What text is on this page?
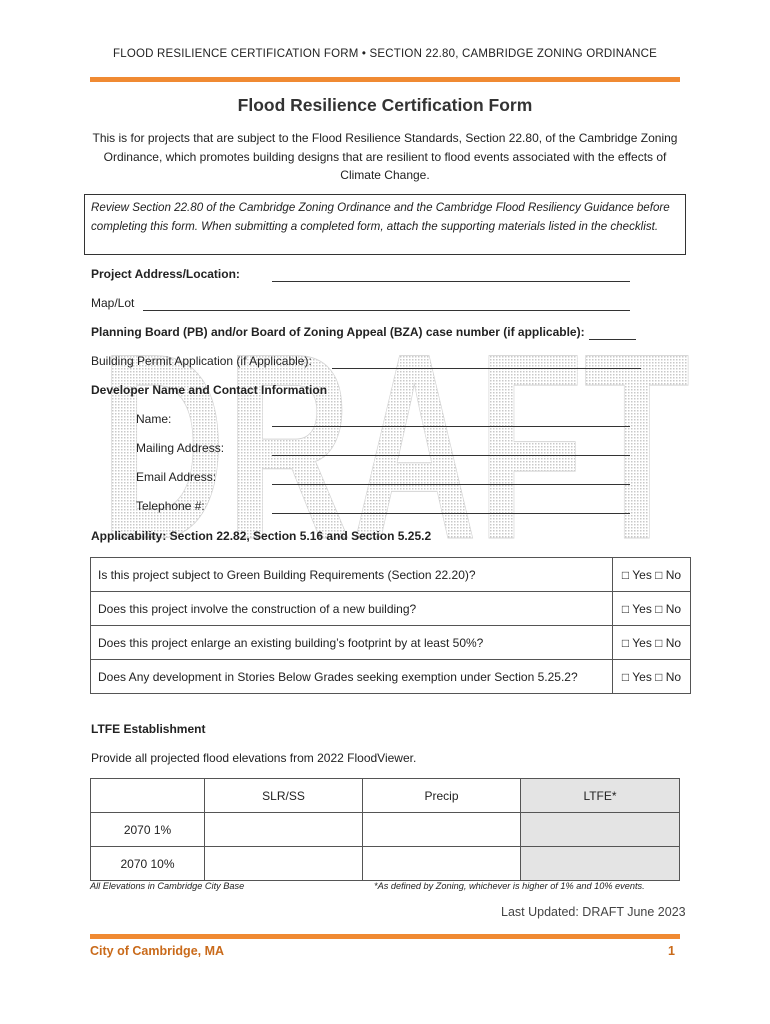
DRAFT
FLOOD RESILIENCE CERTIFICATION FORM • SECTION 22.80, CAMBRIDGE ZONING ORDINANCE
Flood Resilience Certification Form
This is for projects that are subject to the Flood Resilience Standards, Section 22.80, of the Cambridge Zoning Ordinance, which promotes building designs that are resilient to flood events associated with the effects of Climate Change.
Review Section 22.80 of the Cambridge Zoning Ordinance and the Cambridge Flood Resiliency Guidance before completing this form. When submitting a completed form, attach the supporting materials listed in the checklist.
Project Address/Location:
Map/Lot
Planning Board (PB) and/or Board of Zoning Appeal (BZA) case number (if applicable):
Building Permit Application (if Applicable):
Developer Name and Contact Information
Name:
Mailing Address:
Email Address:
Telephone #:
Applicability: Section 22.82, Section 5.16 and Section 5.25.2
Is this project subject to Green Building Requirements (Section 22.20)?	□ Yes □ No
Does this project involve the construction of a new building?	□ Yes □ No
Does this project enlarge an existing building’s footprint by at least 50%?	□ Yes □ No
Does Any development in Stories Below Grades seeking exemption under Section 5.25.2?	□ Yes □ No
LTFE Establishment
Provide all projected flood elevations from 2022 FloodViewer.
	SLR/SS	Precip	LTFE*
2070 1%			
2070 10%			
All Elevations in Cambridge City Base	*As defined by Zoning, whichever is higher of 1% and 10% events.
Last Updated: DRAFT June 2023
City of Cambridge, MA	1
